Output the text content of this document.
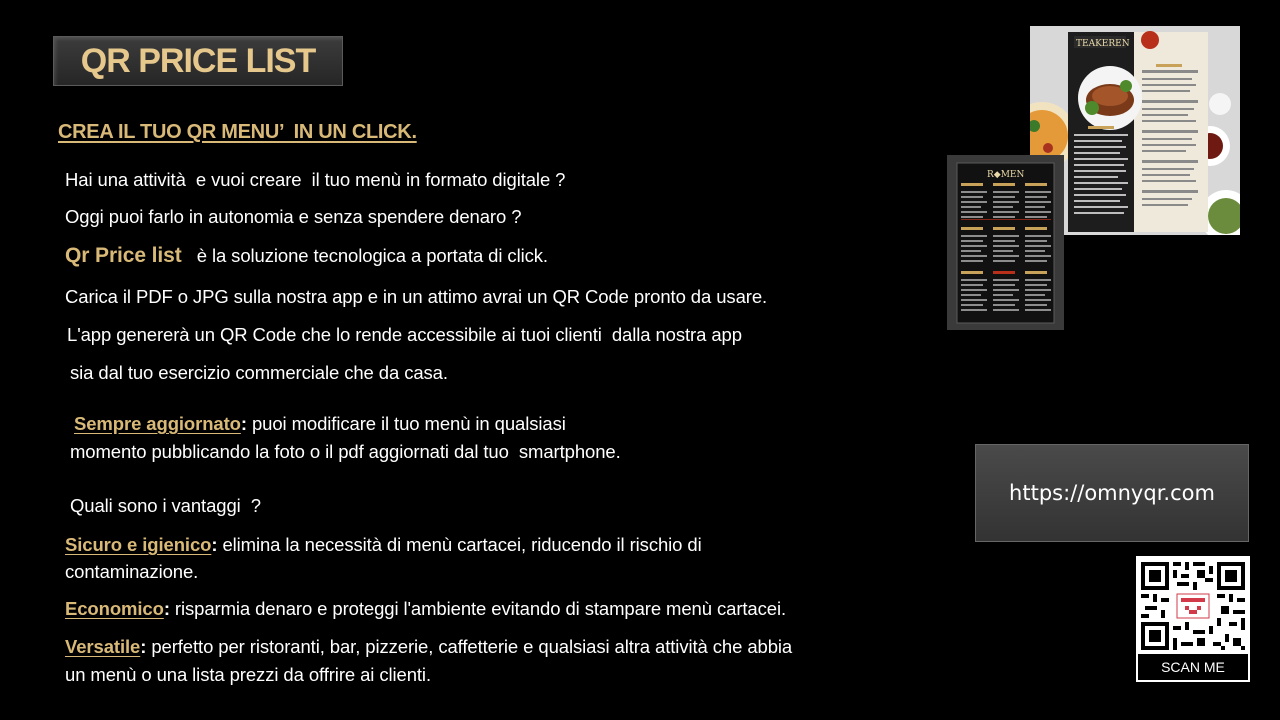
QR PRICE LIST
CREA IL TUO QR MENU’  IN UN CLICK.
Hai una attività  e vuoi creare  il tuo menù in formato digitale ?
Oggi puoi farlo in autonomia e senza spendere denaro ?
Qr Price list   è la soluzione tecnologica a portata di click.
Carica il PDF o JPG sulla nostra app e in un attimo avrai un QR Code pronto da usare.
L'app genererà un QR Code che lo rende accessibile ai tuoi clienti  dalla nostra app
sia dal tuo esercizio commerciale che da casa.
Sempre aggiornato: puoi modificare il tuo menù in qualsiasi
momento pubblicando la foto o il pdf aggiornati dal tuo  smartphone.
Quali sono i vantaggi  ?
Sicuro e igienico: elimina la necessità di menù cartacei, riducendo il rischio di
contaminazione.
Economico: risparmia denaro e proteggi l'ambiente evitando di stampare menù cartacei.
Versatile: perfetto per ristoranti, bar, pizzerie, caffetterie e qualsiasi altra attività che abbia
un menù o una lista prezzi da offrire ai clienti.
TEAKEREN
R◆MEN
https://omnyqr.com
SCAN ME
